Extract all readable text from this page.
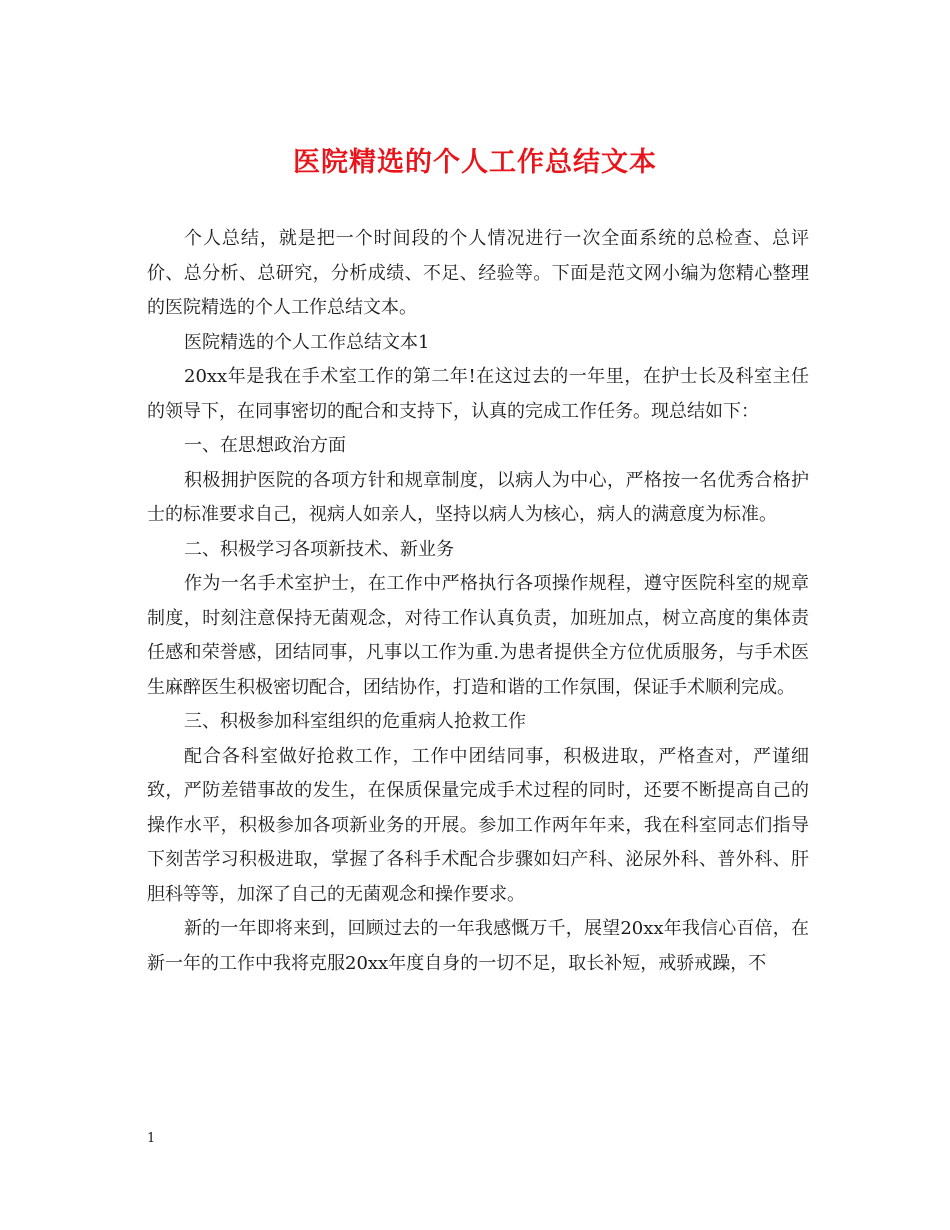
医院精选的个人工作总结文本

个人总结，就是把一个时间段的个人情况进行一次全面系统的总检查、总评价、总分析、总研究，分析成绩、不足、经验等。下面是范文网小编为您精心整理的医院精选的个人工作总结文本。

医院精选的个人工作总结文本1

20xx年是我在手术室工作的第二年!在这过去的一年里，在护士长及科室主任的领导下，在同事密切的配合和支持下，认真的完成工作任务。现总结如下：

一、在思想政治方面

积极拥护医院的各项方针和规章制度，以病人为中心，严格按一名优秀合格护士的标准要求自己，视病人如亲人，坚持以病人为核心，病人的满意度为标准。

二、积极学习各项新技术、新业务

作为一名手术室护士，在工作中严格执行各项操作规程，遵守医院科室的规章制度，时刻注意保持无菌观念，对待工作认真负责，加班加点，树立高度的集体责任感和荣誉感，团结同事，凡事以工作为重.为患者提供全方位优质服务，与手术医生麻醉医生积极密切配合，团结协作，打造和谐的工作氛围，保证手术顺利完成。

三、积极参加科室组织的危重病人抢救工作

配合各科室做好抢救工作，工作中团结同事，积极进取，严格查对，严谨细致，严防差错事故的发生，在保质保量完成手术过程的同时，还要不断提高自己的操作水平，积极参加各项新业务的开展。参加工作两年年来，我在科室同志们指导下刻苦学习积极进取，掌握了各科手术配合步骤如妇产科、泌尿外科、普外科、肝胆科等等，加深了自己的无菌观念和操作要求。

新的一年即将来到，回顾过去的一年我感慨万千，展望20xx年我信心百倍，在新一年的工作中我将克服20xx年度自身的一切不足，取长补短，戒骄戒躁，不

1
